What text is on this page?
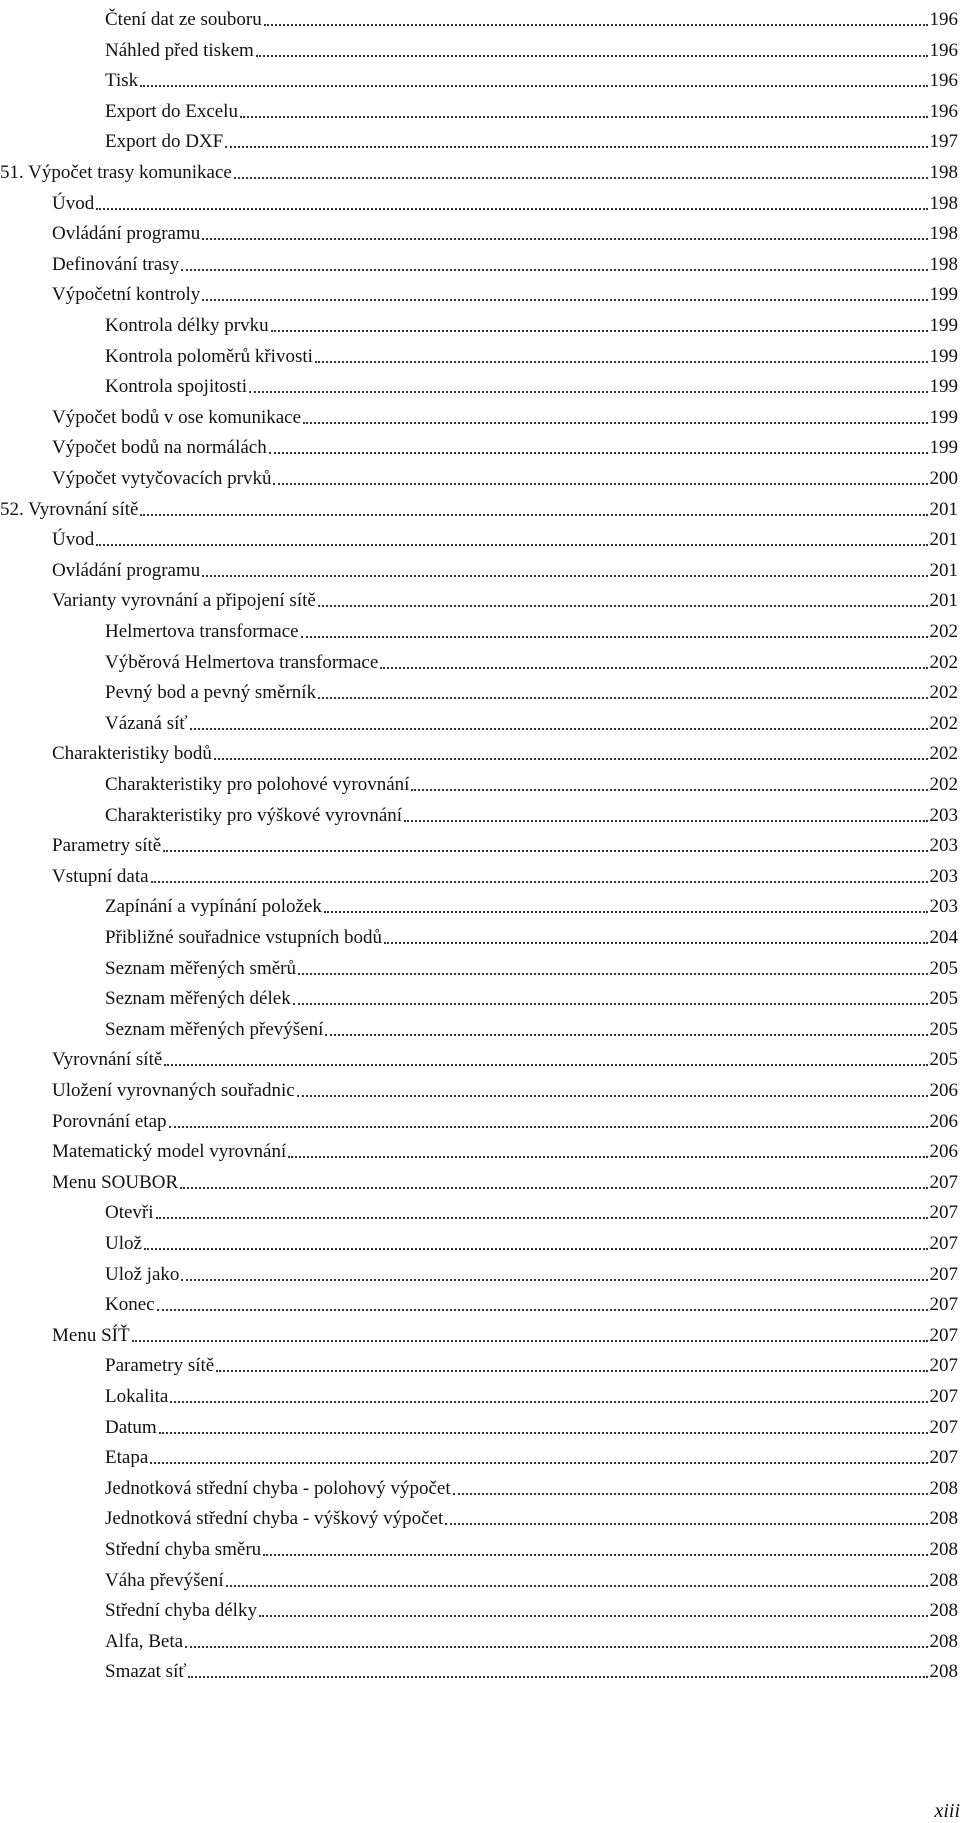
Čtení dat ze souboru	196
Náhled před tiskem	196
Tisk	196
Export do Excelu	196
Export do DXF	197
51. Výpočet trasy komunikace	198
Úvod	198
Ovládání programu	198
Definování trasy	198
Výpočetní kontroly	199
Kontrola délky prvku	199
Kontrola poloměrů křivosti	199
Kontrola spojitosti	199
Výpočet bodů v ose komunikace	199
Výpočet bodů na normálách	199
Výpočet vytyčovacích prvků	200
52. Vyrovnání sítě	201
Úvod	201
Ovládání programu	201
Varianty vyrovnání a připojení sítě	201
Helmertova transformace	202
Výběrová Helmertova transformace	202
Pevný bod a pevný směrník	202
Vázaná síť	202
Charakteristiky bodů	202
Charakteristiky pro polohové vyrovnání	202
Charakteristiky pro výškové vyrovnání	203
Parametry sítě	203
Vstupní data	203
Zapínání a vypínání položek	203
Přibližné souřadnice vstupních bodů	204
Seznam měřených směrů	205
Seznam měřených délek	205
Seznam měřených převýšení	205
Vyrovnání sítě	205
Uložení vyrovnaných souřadnic	206
Porovnání etap	206
Matematický model vyrovnání	206
Menu SOUBOR	207
Otevři	207
Ulož	207
Ulož jako	207
Konec	207
Menu SÍŤ	207
Parametry sítě	207
Lokalita	207
Datum	207
Etapa	207
Jednotková střední chyba - polohový výpočet	208
Jednotková střední chyba - výškový výpočet	208
Střední chyba směru	208
Váha převýšení	208
Střední chyba délky	208
Alfa, Beta	208
Smazat síť	208
xiii
